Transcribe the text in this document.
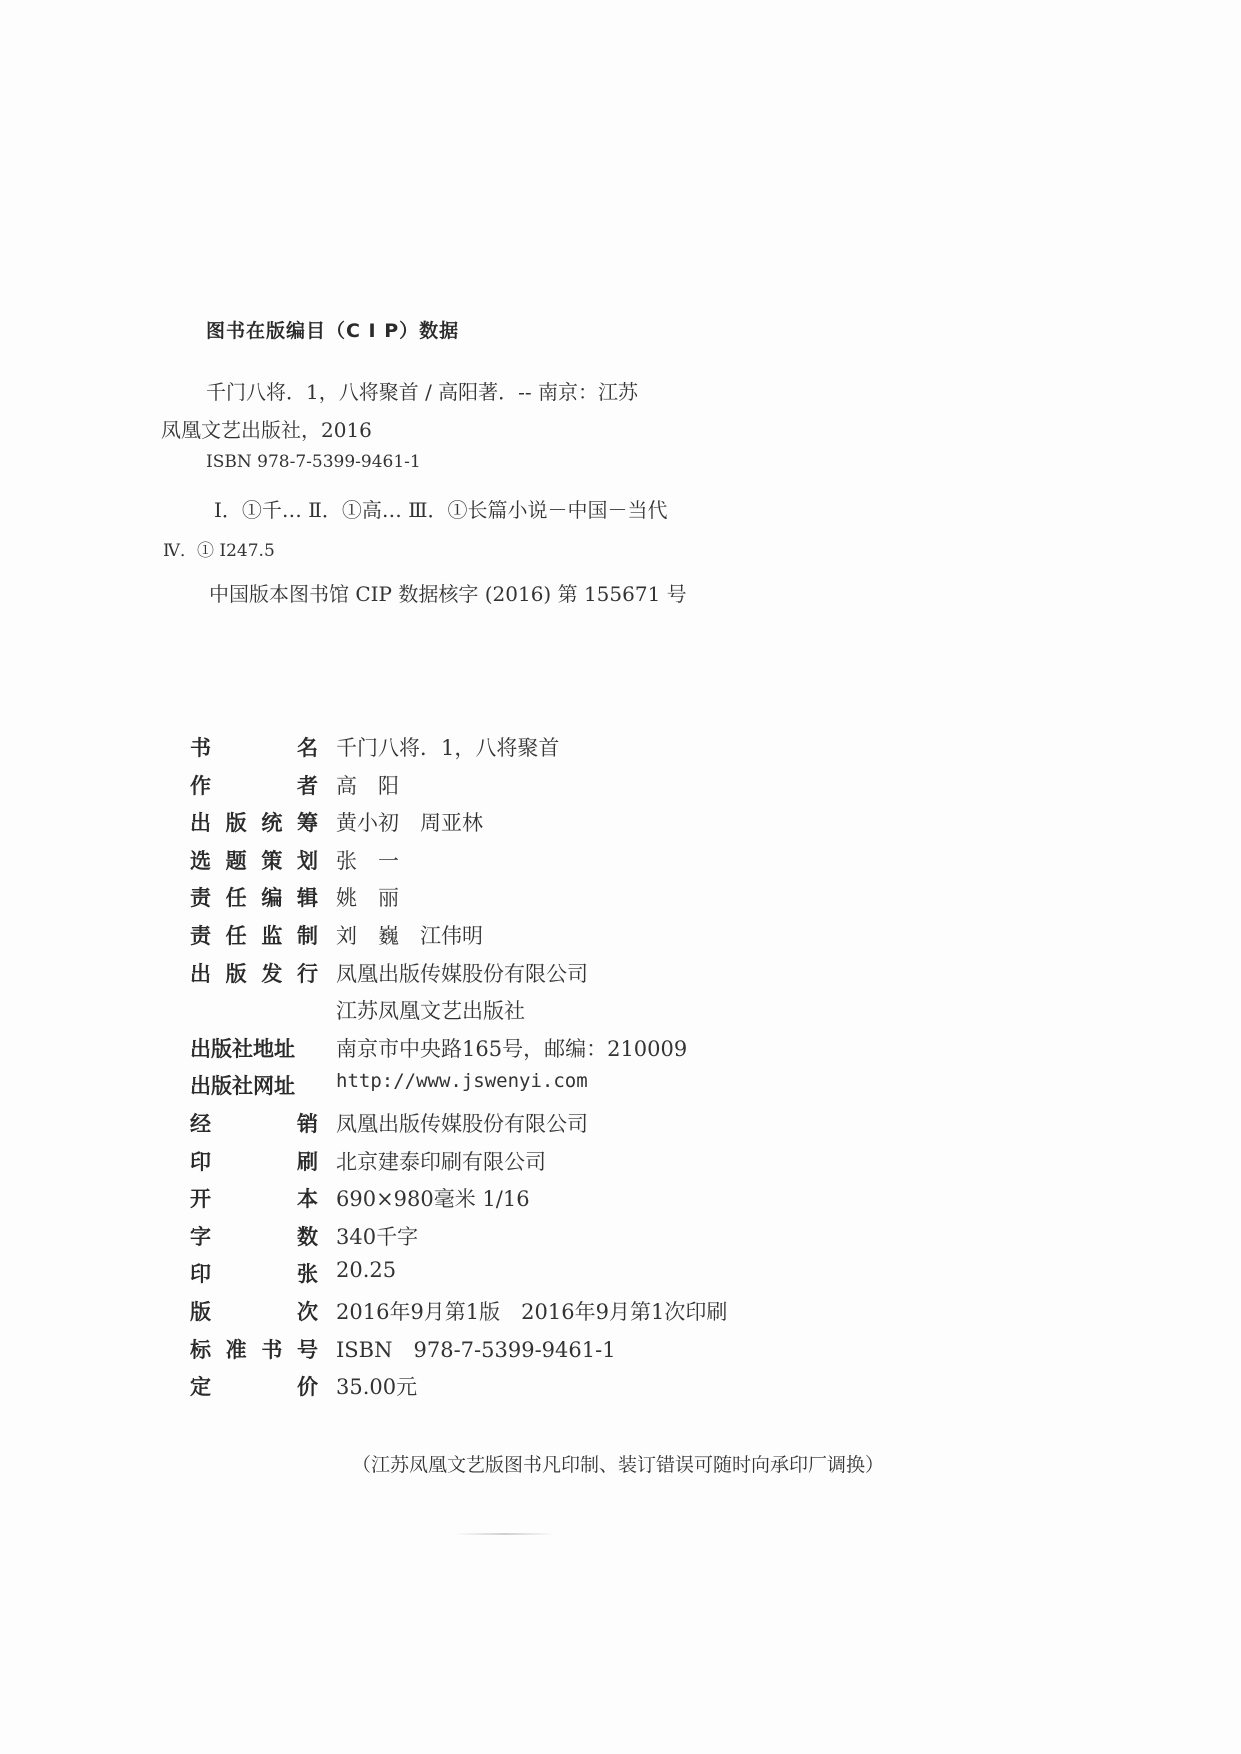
图书在版编目（C I P）数据
千门八将．1，八将聚首 / 高阳著．-- 南京：江苏
凤凰文艺出版社，2016
ISBN 978-7-5399-9461-1
Ⅰ．①千… Ⅱ．①高… Ⅲ．①长篇小说－中国－当代
Ⅳ．① I247.5
中国版本图书馆 CIP 数据核字 (2016) 第 155671 号
书	名 千门八将．1，八将聚首
作	者 高　阳
出 版 统 筹 黄小初　周亚林
选 题 策 划 张　一
责 任 编 辑 姚　丽
责 任 监 制 刘　巍　江伟明
出 版 发 行 凤凰出版传媒股份有限公司
江苏凤凰文艺出版社
出版社地址 南京市中央路165号，邮编：210009
出版社网址 http://www.jswenyi.com
经	销 凤凰出版传媒股份有限公司
印	刷 北京建泰印刷有限公司
开	本 690×980毫米 1/16
字	数 340千字
印	张 20.25
版	次 2016年9月第1版　2016年9月第1次印刷
标 准 书 号 ISBN　978-7-5399-9461-1
定	价 35.00元
（江苏凤凰文艺版图书凡印制、装订错误可随时向承印厂调换）
